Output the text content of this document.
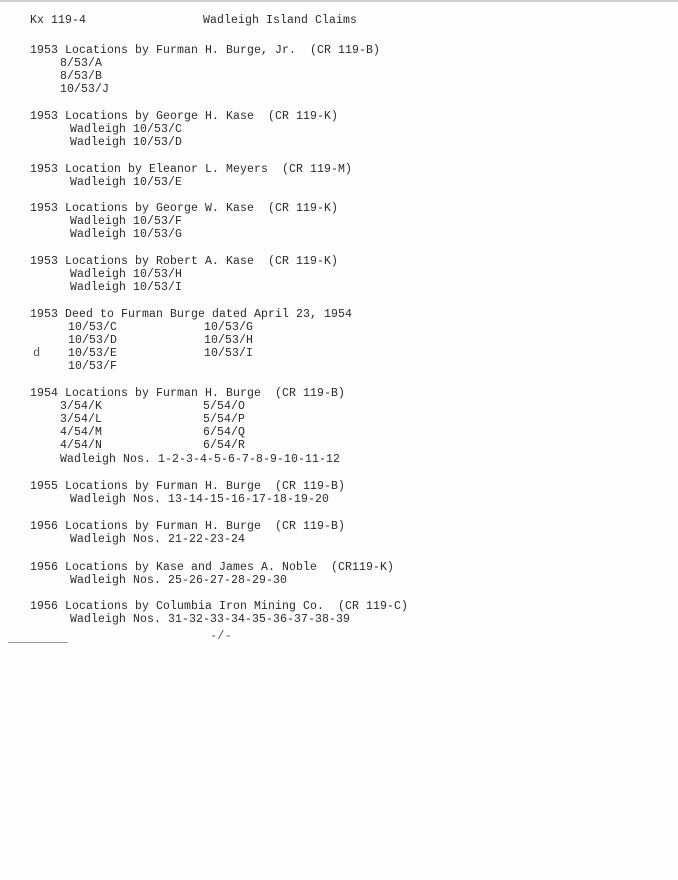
Kx 119-4	Wadleigh Island Claims
1953 Locations by Furman H. Burge, Jr.  (CR 119-B)
8/53/A
8/53/B
10/53/J
1953 Locations by George H. Kase  (CR 119-K)
Wadleigh 10/53/C
Wadleigh 10/53/D
1953 Location by Eleanor L. Meyers  (CR 119-M)
Wadleigh 10/53/E
1953 Locations by George W. Kase  (CR 119-K)
Wadleigh 10/53/F
Wadleigh 10/53/G
1953 Locations by Robert A. Kase  (CR 119-K)
Wadleigh 10/53/H
Wadleigh 10/53/I
1953 Deed to Furman Burge dated April 23, 1954
10/53/C
10/53/D
d 10/53/E
10/53/F
10/53/G
10/53/H
10/53/I
1954 Locations by Furman H. Burge  (CR 119-B)
3/54/K
3/54/L
4/54/M
4/54/N
5/54/O
5/54/P
6/54/Q
6/54/R
Wadleigh Nos. 1-2-3-4-5-6-7-8-9-10-11-12
1955 Locations by Furman H. Burge  (CR 119-B)
Wadleigh Nos. 13-14-15-16-17-18-19-20
1956 Locations by Furman H. Burge  (CR 119-B)
Wadleigh Nos. 21-22-23-24
1956 Locations by Kase and James A. Noble  (CR119-K)
Wadleigh Nos. 25-26-27-28-29-30
1956 Locations by Columbia Iron Mining Co.  (CR 119-C)
Wadleigh Nos. 31-32-33-34-35-36-37-38-39
-/-
